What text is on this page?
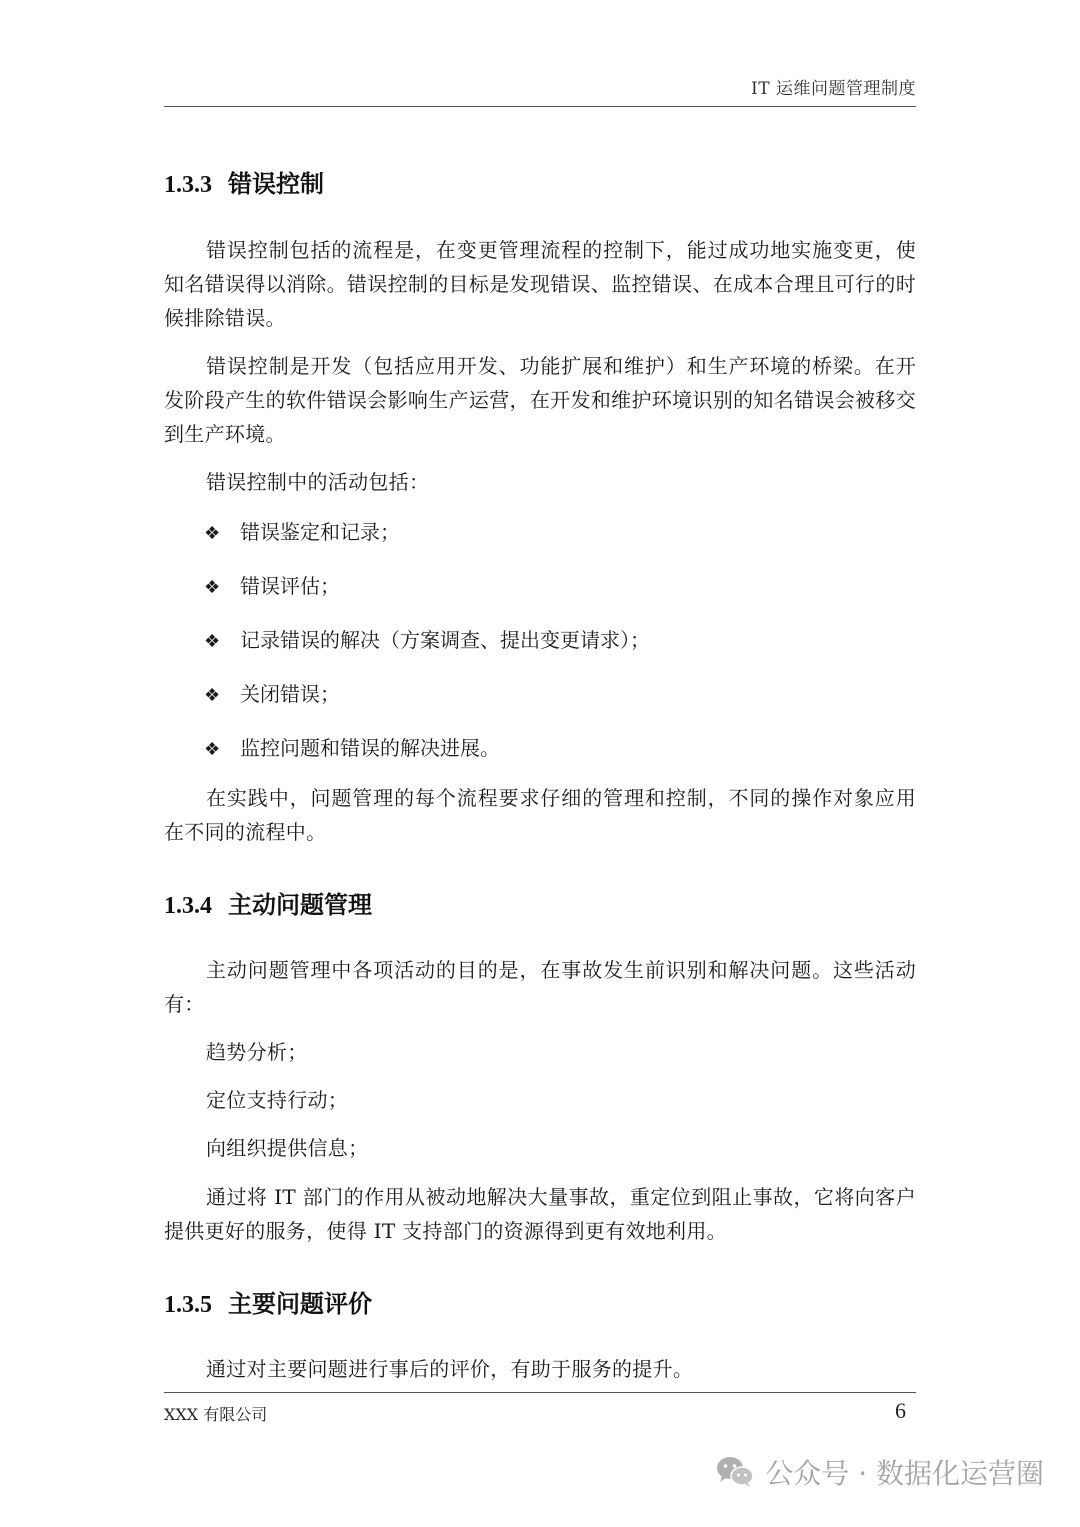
IT 运维问题管理制度
1.3.3 错误控制
错误控制包括的流程是，在变更管理流程的控制下，能过成功地实施变更，使知名错误得以消除。错误控制的目标是发现错误、监控错误、在成本合理且可行的时候排除错误。
错误控制是开发（包括应用开发、功能扩展和维护）和生产环境的桥梁。在开发阶段产生的软件错误会影响生产运营，在开发和维护环境识别的知名错误会被移交到生产环境。
错误控制中的活动包括：
❖ 错误鉴定和记录；
❖ 错误评估；
❖ 记录错误的解决（方案调查、提出变更请求）；
❖ 关闭错误；
❖ 监控问题和错误的解决进展。
在实践中，问题管理的每个流程要求仔细的管理和控制，不同的操作对象应用在不同的流程中。
1.3.4 主动问题管理
主动问题管理中各项活动的目的是，在事故发生前识别和解决问题。这些活动有：
趋势分析；
定位支持行动；
向组织提供信息；
通过将 IT 部门的作用从被动地解决大量事故，重定位到阻止事故，它将向客户提供更好的服务，使得 IT 支持部门的资源得到更有效地利用。
1.3.5 主要问题评价
通过对主要问题进行事后的评价，有助于服务的提升。
XXX 有限公司	6
公众号 · 数据化运营圈
